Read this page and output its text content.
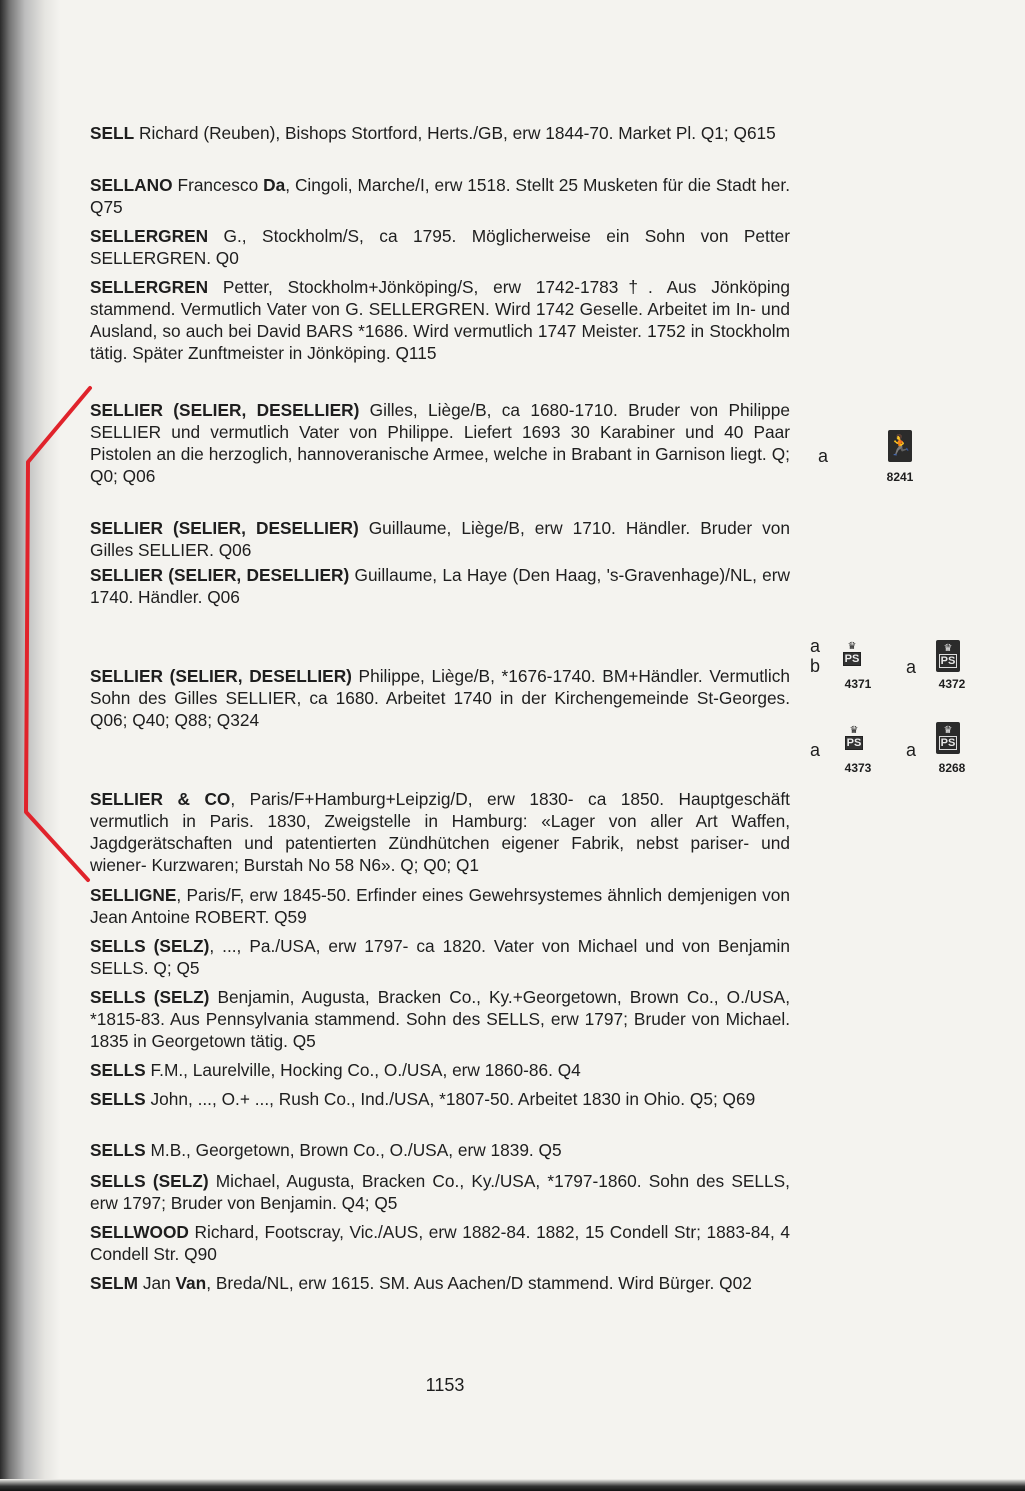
SELL Richard (Reuben), Bishops Stortford, Herts./GB, erw 1844-70. Market Pl. Q1; Q615
SELLANO Francesco Da, Cingoli, Marche/I, erw 1518. Stellt 25 Musketen für die Stadt her. Q75
SELLERGREN G., Stockholm/S, ca 1795. Möglicherweise ein Sohn von Petter SELLERGREN. Q0
SELLERGREN Petter, Stockholm+Jönköping/S, erw 1742-1783†. Aus Jönköping stammend. Vermutlich Vater von G. SELLERGREN. Wird 1742 Geselle. Arbeitet im In- und Ausland, so auch bei David BARS *1686. Wird vermutlich 1747 Meister. 1752 in Stockholm tätig. Später Zunftmeister in Jönköping. Q115
SELLIER (SELIER, DESELLIER) Gilles, Liège/B, ca 1680-1710. Bruder von Philippe SELLIER und vermutlich Vater von Philippe. Liefert 1693 30 Karabiner und 40 Paar Pistolen an die herzoglich, hannoveranische Armee, welche in Brabant in Garnison liegt. Q; Q0; Q06
SELLIER (SELIER, DESELLIER) Guillaume, Liège/B, erw 1710. Händler. Bruder von Gilles SELLIER. Q06
SELLIER (SELIER, DESELLIER) Guillaume, La Haye (Den Haag, 's-Gravenhage)/NL, erw 1740. Händler. Q06
SELLIER (SELIER, DESELLIER) Philippe, Liège/B, *1676-1740. BM+Händler. Vermutlich Sohn des Gilles SELLIER, ca 1680. Arbeitet 1740 in der Kirchengemeinde St-Georges. Q06; Q40; Q88; Q324
SELLIER & CO, Paris/F+Hamburg+Leipzig/D, erw 1830- ca 1850. Hauptgeschäft vermutlich in Paris. 1830, Zweigstelle in Hamburg: «Lager von aller Art Waffen, Jagdgerätschaften und patentierten Zündhütchen eigener Fabrik, nebst pariser- und wiener- Kurzwaren; Burstah No 58 N6». Q; Q0; Q1
SELLIGNE, Paris/F, erw 1845-50. Erfinder eines Gewehrsystemes ähnlich demjenigen von Jean Antoine ROBERT. Q59
SELLS (SELZ), ..., Pa./USA, erw 1797- ca 1820. Vater von Michael und von Benjamin SELLS. Q; Q5
SELLS (SELZ) Benjamin, Augusta, Bracken Co., Ky.+Georgetown, Brown Co., O./USA, *1815-83. Aus Pennsylvania stammend. Sohn des SELLS, erw 1797; Bruder von Michael. 1835 in Georgetown tätig. Q5
SELLS F.M., Laurelville, Hocking Co., O./USA, erw 1860-86. Q4
SELLS John, ..., O.+ ..., Rush Co., Ind./USA, *1807-50. Arbeitet 1830 in Ohio. Q5; Q69
SELLS M.B., Georgetown, Brown Co., O./USA, erw 1839. Q5
SELLS (SELZ) Michael, Augusta, Bracken Co., Ky./USA, *1797-1860. Sohn des SELLS, erw 1797; Bruder von Benjamin. Q4; Q5
SELLWOOD Richard, Footscray, Vic./AUS, erw 1882-84. 1882, 15 Condell Str; 1883-84, 4 Condell Str. Q90
SELM Jan Van, Breda/NL, erw 1615. SM. Aus Aachen/D stammend. Wird Bürger. Q02
a	🏃
8241
a
b
♛
PS
4371
a
♛
PS
4372
a
♛
PS
4373
a
♛
PS
8268
1153
